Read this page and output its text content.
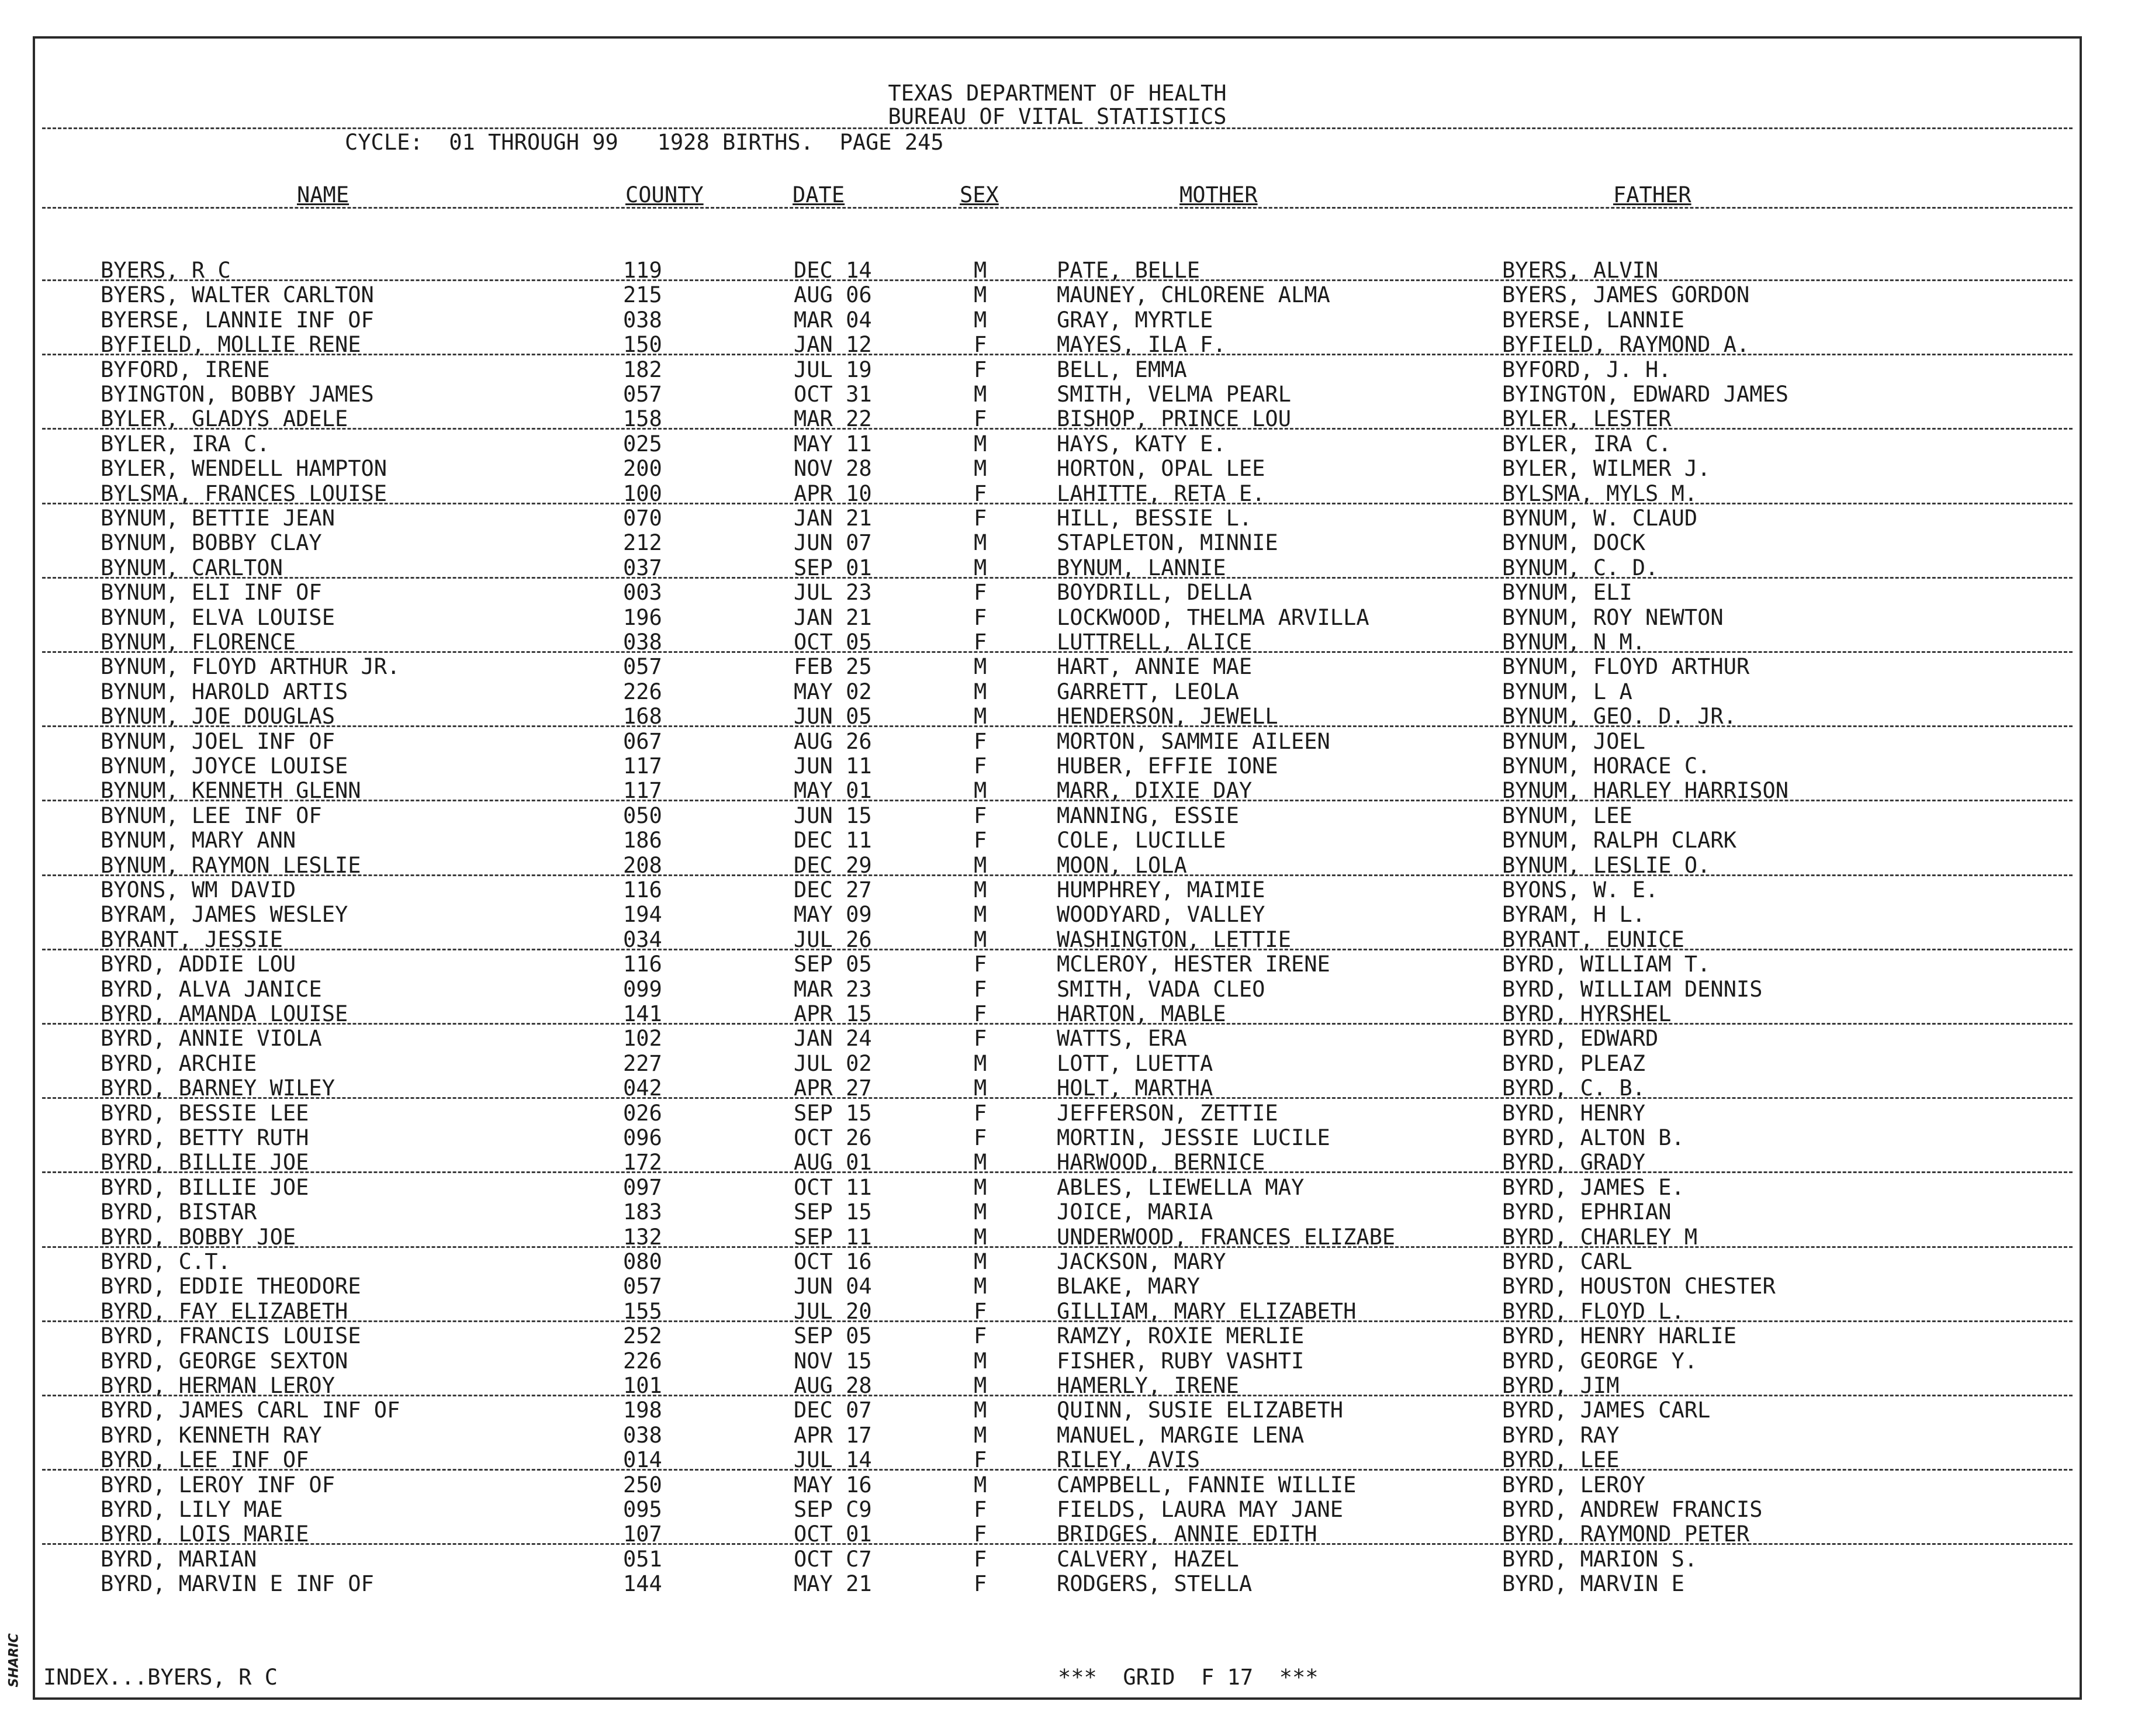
TEXAS DEPARTMENT OF HEALTH
BUREAU OF VITAL STATISTICS
CYCLE:  01 THROUGH 99   1928 BIRTHS.  PAGE 245
NAME	COUNTY	DATE	SEX	MOTHER	FATHER
BYERS, R C	119	DEC 14	M	PATE, BELLE	BYERS, ALVIN
BYERS, WALTER CARLTON	215	AUG 06	M	MAUNEY, CHLORENE ALMA	BYERS, JAMES GORDON
BYERSE, LANNIE INF OF	038	MAR 04	M	GRAY, MYRTLE	BYERSE, LANNIE
BYFIELD, MOLLIE RENE	150	JAN 12	F	MAYES, ILA F.	BYFIELD, RAYMOND A.
BYFORD, IRENE	182	JUL 19	F	BELL, EMMA	BYFORD, J. H.
BYINGTON, BOBBY JAMES	057	OCT 31	M	SMITH, VELMA PEARL	BYINGTON, EDWARD JAMES
BYLER, GLADYS ADELE	158	MAR 22	F	BISHOP, PRINCE LOU	BYLER, LESTER
BYLER, IRA C.	025	MAY 11	M	HAYS, KATY E.	BYLER, IRA C.
BYLER, WENDELL HAMPTON	200	NOV 28	M	HORTON, OPAL LEE	BYLER, WILMER J.
BYLSMA, FRANCES LOUISE	100	APR 10	F	LAHITTE, RETA E.	BYLSMA, MYLS M.
BYNUM, BETTIE JEAN	070	JAN 21	F	HILL, BESSIE L.	BYNUM, W. CLAUD
BYNUM, BOBBY CLAY	212	JUN 07	M	STAPLETON, MINNIE	BYNUM, DOCK
BYNUM, CARLTON	037	SEP 01	M	BYNUM, LANNIE	BYNUM, C. D.
BYNUM, ELI INF OF	003	JUL 23	F	BOYDRILL, DELLA	BYNUM, ELI
BYNUM, ELVA LOUISE	196	JAN 21	F	LOCKWOOD, THELMA ARVILLA	BYNUM, ROY NEWTON
BYNUM, FLORENCE	038	OCT 05	F	LUTTRELL, ALICE	BYNUM, N M.
BYNUM, FLOYD ARTHUR JR.	057	FEB 25	M	HART, ANNIE MAE	BYNUM, FLOYD ARTHUR
BYNUM, HAROLD ARTIS	226	MAY 02	M	GARRETT, LEOLA	BYNUM, L A
BYNUM, JOE DOUGLAS	168	JUN 05	M	HENDERSON, JEWELL	BYNUM, GEO. D. JR.
BYNUM, JOEL INF OF	067	AUG 26	F	MORTON, SAMMIE AILEEN	BYNUM, JOEL
BYNUM, JOYCE LOUISE	117	JUN 11	F	HUBER, EFFIE IONE	BYNUM, HORACE C.
BYNUM, KENNETH GLENN	117	MAY 01	M	MARR, DIXIE DAY	BYNUM, HARLEY HARRISON
BYNUM, LEE INF OF	050	JUN 15	F	MANNING, ESSIE	BYNUM, LEE
BYNUM, MARY ANN	186	DEC 11	F	COLE, LUCILLE	BYNUM, RALPH CLARK
BYNUM, RAYMON LESLIE	208	DEC 29	M	MOON, LOLA	BYNUM, LESLIE O.
BYONS, WM DAVID	116	DEC 27	M	HUMPHREY, MAIMIE	BYONS, W. E.
BYRAM, JAMES WESLEY	194	MAY 09	M	WOODYARD, VALLEY	BYRAM, H L.
BYRANT, JESSIE	034	JUL 26	M	WASHINGTON, LETTIE	BYRANT, EUNICE
BYRD, ADDIE LOU	116	SEP 05	F	MCLEROY, HESTER IRENE	BYRD, WILLIAM T.
BYRD, ALVA JANICE	099	MAR 23	F	SMITH, VADA CLEO	BYRD, WILLIAM DENNIS
BYRD, AMANDA LOUISE	141	APR 15	F	HARTON, MABLE	BYRD, HYRSHEL
BYRD, ANNIE VIOLA	102	JAN 24	F	WATTS, ERA	BYRD, EDWARD
BYRD, ARCHIE	227	JUL 02	M	LOTT, LUETTA	BYRD, PLEAZ
BYRD, BARNEY WILEY	042	APR 27	M	HOLT, MARTHA	BYRD, C. B.
BYRD, BESSIE LEE	026	SEP 15	F	JEFFERSON, ZETTIE	BYRD, HENRY
BYRD, BETTY RUTH	096	OCT 26	F	MORTIN, JESSIE LUCILE	BYRD, ALTON B.
BYRD, BILLIE JOE	172	AUG 01	M	HARWOOD, BERNICE	BYRD, GRADY
BYRD, BILLIE JOE	097	OCT 11	M	ABLES, LIEWELLA MAY	BYRD, JAMES E.
BYRD, BISTAR	183	SEP 15	M	JOICE, MARIA	BYRD, EPHRIAN
BYRD, BOBBY JOE	132	SEP 11	M	UNDERWOOD, FRANCES ELIZABE	BYRD, CHARLEY M
BYRD, C.T.	080	OCT 16	M	JACKSON, MARY	BYRD, CARL
BYRD, EDDIE THEODORE	057	JUN 04	M	BLAKE, MARY	BYRD, HOUSTON CHESTER
BYRD, FAY ELIZABETH	155	JUL 20	F	GILLIAM, MARY ELIZABETH	BYRD, FLOYD L.
BYRD, FRANCIS LOUISE	252	SEP 05	F	RAMZY, ROXIE MERLIE	BYRD, HENRY HARLIE
BYRD, GEORGE SEXTON	226	NOV 15	M	FISHER, RUBY VASHTI	BYRD, GEORGE Y.
BYRD, HERMAN LEROY	101	AUG 28	M	HAMERLY, IRENE	BYRD, JIM
BYRD, JAMES CARL INF OF	198	DEC 07	M	QUINN, SUSIE ELIZABETH	BYRD, JAMES CARL
BYRD, KENNETH RAY	038	APR 17	M	MANUEL, MARGIE LENA	BYRD, RAY
BYRD, LEE INF OF	014	JUL 14	F	RILEY, AVIS	BYRD, LEE
BYRD, LEROY INF OF	250	MAY 16	M	CAMPBELL, FANNIE WILLIE	BYRD, LEROY
BYRD, LILY MAE	095	SEP C9	F	FIELDS, LAURA MAY JANE	BYRD, ANDREW FRANCIS
BYRD, LOIS MARIE	107	OCT 01	F	BRIDGES, ANNIE EDITH	BYRD, RAYMOND PETER
BYRD, MARIAN	051	OCT C7	F	CALVERY, HAZEL	BYRD, MARION S.
BYRD, MARVIN E INF OF	144	MAY 21	F	RODGERS, STELLA	BYRD, MARVIN E
INDEX...BYERS, R C	***  GRID  F 17  ***
SHARIC
